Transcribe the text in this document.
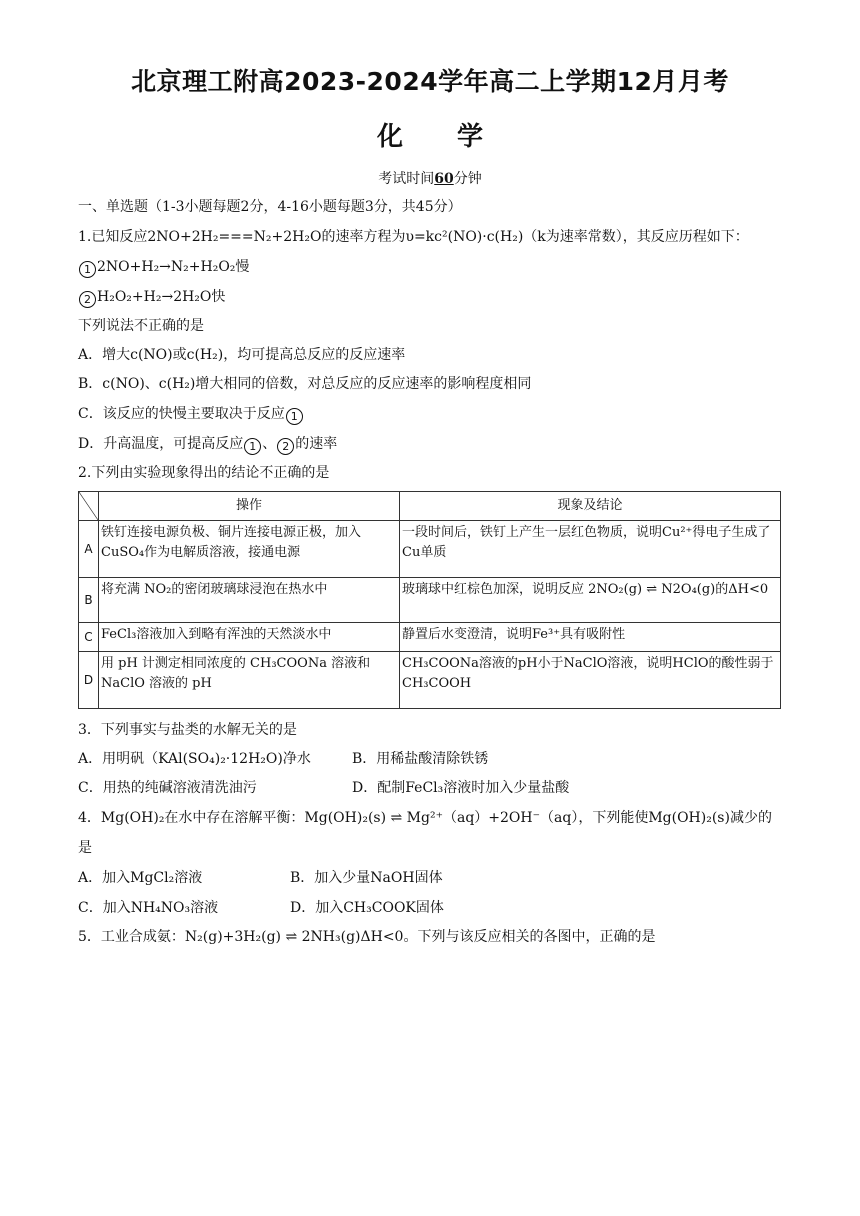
北京理工附高2023-2024学年高二上学期12月月考
化 学
考试时间60分钟
一、单选题（1-3小题每题2分，4-16小题每题3分，共45分）
1.已知反应2NO+2H₂===N₂+2H₂O的速率方程为υ=kc²(NO)·c(H₂)（k为速率常数），其反应历程如下：
1 2NO+H₂→N₂+H₂O₂慢
2 H₂O₂+H₂→2H₂O快
下列说法不正确的是
A．增大c(NO)或c(H₂)，均可提高总反应的反应速率
B．c(NO)、c(H₂)增大相同的倍数，对总反应的反应速率的影响程度相同
C．该反应的快慢主要取决于反应 1
D．升高温度，可提高反应 1 、 2 的速率
2.下列由实验现象得出的结论不正确的是
	操作	现象及结论
A	铁钉连接电源负极、铜片连接电源正极，加入 CuSO₄作为电解质溶液，接通电源	一段时间后，铁钉上产生一层红色物质，说明Cu²⁺得电子生成了Cu单质
B	将充满 NO₂的密闭玻璃球浸泡在热水中	玻璃球中红棕色加深，说明反应 2NO₂(g) ⇌ N2O₄(g)的ΔH<0
C	FeCl₃溶液加入到略有浑浊的天然淡水中	静置后水变澄清，说明Fe³⁺具有吸附性
D	用 pH 计测定相同浓度的 CH₃COONa 溶液和NaClO 溶液的 pH	CH₃COONa溶液的pH小于NaClO溶液，说明HClO的酸性弱于CH₃COOH
3．下列事实与盐类的水解无关的是
A．用明矾（KAl(SO₄)₂·12H₂O)净水	B．用稀盐酸清除铁锈
C．用热的纯碱溶液清洗油污	D．配制FeCl₃溶液时加入少量盐酸
4．Mg(OH)₂在水中存在溶解平衡：Mg(OH)₂(s) ⇌ Mg²⁺（aq）+2OH⁻（aq），下列能使Mg(OH)₂(s)减少的
是
A．加入MgCl₂溶液	B．加入少量NaOH固体
C．加入NH₄NO₃溶液	D．加入CH₃COOK固体
5．工业合成氨：N₂(g)+3H₂(g) ⇌ 2NH₃(g)ΔH<0。下列与该反应相关的各图中，正确的是
